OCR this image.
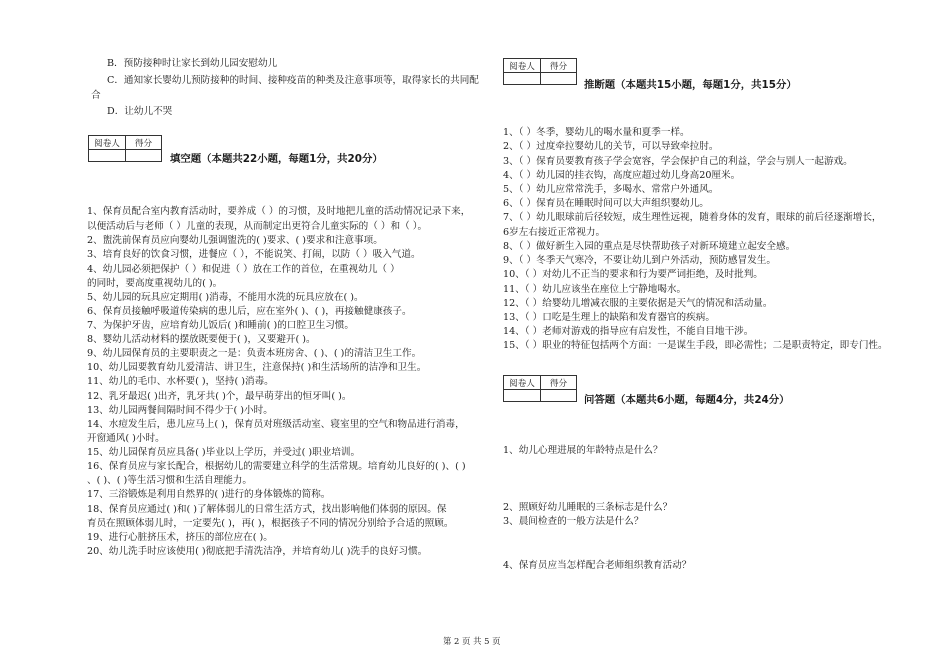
B．预防接种时让家长到幼儿园安慰幼儿
C．通知家长婴幼儿预防接种的时间、接种疫苗的种类及注意事项等，取得家长的共同配
合
D．让幼儿不哭
阅卷人	得分
填空题（本题共22小题，每题1分，共20分）
1、保育员配合室内教育活动时，要养成（ ）的习惯，及时地把儿童的活动情况记录下来，
以便活动后与老师（ ）儿童的表现，从而制定出更符合儿童实际的（ ）和（ ）。
2、盥洗前保育员应向婴幼儿强调盥洗的( )要求、( )要求和注意事项。
3、培育良好的饮食习惯，进餐应（ ），不能说笑、打闹，以防（ ）吸入气道。
4、幼儿园必须把保护（ ）和促进（ ）放在工作的首位，在重视幼儿（ ）
的同时，要高度重视幼儿的( )。
5、幼儿园的玩具应定期用( )消毒，不能用水洗的玩具应放在( )。
6、保育员接触呼吸道传染病的患儿后，应在室外( )、( )，再接触健康孩子。
7、为保护牙齿，应培育幼儿饭后( )和睡前( )的口腔卫生习惯。
8、婴幼儿活动材料的摆放既要便于( )，又要避开( )。
9、幼儿园保育员的主要职责之一是：负责本班房舍、( )、( )的清洁卫生工作。
10、幼儿园要教育幼儿爱清洁、讲卫生，注意保持( )和生活场所的洁净和卫生。
11、幼儿的毛巾、水杯要( )，坚持( )消毒。
12、乳牙最迟( )出齐，乳牙共( )个，最早萌芽出的恒牙叫( )。
13、幼儿园两餐间隔时间不得少于( )小时。
14、水痘发生后，患儿应马上( )，保育员对班级活动室、寝室里的空气和物品进行消毒，
开窗通风( )小时。
15、幼儿园保育员应具备( )毕业以上学历，并受过( )职业培训。
16、保育员应与家长配合，根据幼儿的需要建立科学的生活常规。培育幼儿良好的( )、( )
、( )、( )等生活习惯和生活自理能力。
17、三浴锻炼是利用自然界的( )进行的身体锻炼的简称。
18、保育员应通过( )和( )了解体弱儿的日常生活方式，找出影响他们体弱的原因。保
育员在照顾体弱儿时，一定要先( )，再( )，根据孩子不同的情况分别给予合适的照顾。
19、进行心脏挤压术，挤压的部位应在( )。
20、幼儿洗手时应该使用( )彻底把手清洗洁净，并培育幼儿( )洗手的良好习惯。
阅卷人	得分
推断题（本题共15小题，每题1分，共15分）
1、（ ）冬季，婴幼儿的喝水量和夏季一样。
2、（ ）过度牵拉婴幼儿的关节，可以导致牵拉肘。
3、（ ）保育员要教育孩子学会宽容，学会保护自己的利益，学会与别人一起游戏。
4、（ ）幼儿园的挂衣钩，高度应超过幼儿身高20厘米。
5、（ ）幼儿应常常洗手，多喝水、常常户外通风。
6、（ ）保育员在睡眠时间可以大声组织婴幼儿。
7、（ ）幼儿眼球前后径较短，成生理性远视，随着身体的发育，眼球的前后径逐渐增长，
6岁左右接近正常视力。
8、（ ）做好新生入园的重点是尽快帮助孩子对新环境建立起安全感。
9、（ ）冬季天气寒冷，不要让幼儿到户外活动，预防感冒发生。
10、（ ）对幼儿不正当的要求和行为要严词拒绝，及时批判。
11、（ ）幼儿应该坐在座位上宁静地喝水。
12、（ ）给婴幼儿增减衣服的主要依据是天气的情况和活动量。
13、（ ）口吃是生理上的缺陷和发育器官的疾病。
14、（ ）老师对游戏的指导应有启发性，不能自目地干涉。
15、（ ）职业的特征包括两个方面：一是谋生手段，即必需性；二是职责特定，即专门性。
阅卷人	得分
问答题（本题共6小题，每题4分，共24分）
1、幼儿心理进展的年龄特点是什么？
2、照顾好幼儿睡眠的三条标志是什么？
3、晨间检查的一般方法是什么？
4、保育员应当怎样配合老师组织教育活动？
第 2 页 共 5 页
